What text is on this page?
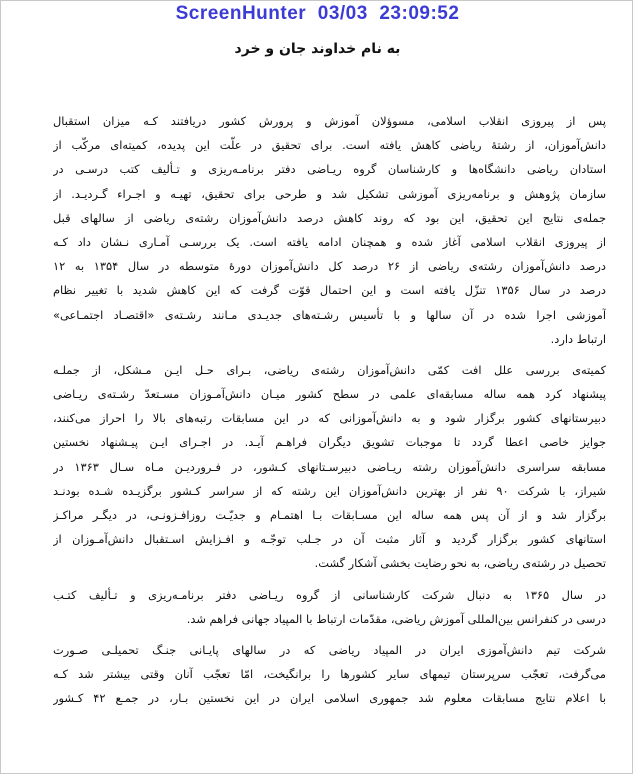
ScreenHunter 03/03 23:09:52
به نام خداوند جان و خرد
پس از پیروزی انقلاب اسلامی، مسوؤلان آموزش و پرورش کشور دریافتند کـه میزان استقبال
دانش‌آموزان، از رشتهٔ ریاضی کاهش یافته است. برای تحقیق در علّت این پدیده، کمیته‌ای مرکّب از
استادان ریاضی دانشگاه‌ها و کارشناسان گروه ریـاضی دفتر برنامـه‌ریزی و تـألیف کتب درسـی در
سازمان پژوهش و برنامه‌ریزی آموزشی تشکیل شد و طرحی برای تحقیق، تهیـه و اجـراء گـردیـد. از
جمله‌ی نتایج این تحقیق، این بود که روند کاهش درصد دانش‌آموزان رشته‌ی ریاضی از سالهای قبل
از پیروزی انقلاب اسلامی آغاز شده و همچنان ادامه یافته است. یک بررسـی آمـاری نـشان داد کـه
درصد دانش‌آموزان رشته‌ی ریاضی از ۲۶ درصد کل دانش‌آموزان دورهٔ متوسطه در سال ۱۳۵۴ به ۱۲
درصد در سال ۱۳۵۶ تنزّل یافته است و این احتمال قوّت گرفت که این کاهش شدید با تغییر نظام
آموزشی اجرا شده در آن سالها و با تأسیس رشـته‌های جدیـدی مـانند رشـته‌ی «اقتصـاد اجتمـاعی»
ارتباط دارد.
کمیته‌ی بررسی علل افت کمّی دانش‌آموزان رشته‌ی ریاضی، بـرای حـل ایـن مـشکل، از جملـه
پیشنهاد کرد همه ساله مسابقه‌ای علمی در سطح کشور میـان دانش‌آمـوزان مسـتعدّ رشـته‌ی ریـاضی
دبیرستانهای کشور برگزار شود و به دانش‌آموزانی که در این مسابقات رتبه‌های بالا را احراز می‌کنند،
جوایز خاصی اعطا گردد تا موجبات تشویق دیگران فراهـم آیـد. در اجـرای ایـن پیـشنهاد نخستین
مسابقه سراسری دانش‌آموزان رشته ریـاضی دبیرسـتانهای کـشور، در فـروردیـن مـاه سـال ۱۳۶۳ در
شیراز، با شرکت ۹۰ نفر از بهترین دانش‌آموزان این رشته که از سراسر کـشور برگزیـده شـده بودنـد
برگزار شد و از آن پس همه ساله این مسـابقات بـا اهتمـام و جدیّـت روزافـزونـی، در دیگـر مراکـز
استانهای کشور برگزار گردید و آثار مثبت آن در جـلب توجّـه و افـزایش اسـتقبال دانش‌آمـوزان از
تحصیل در رشته‌ی ریاضی، به نحو رضایت بخشی آشکار گشت.
در سال ۱۳۶۵ به دنبال شرکت کارشناسانی از گروه ریـاضی دفتر برنامـه‌ریزی و تـألیف کتـب
درسی در کنفرانس بین‌المللی آموزش ریاضی، مقدّمات ارتباط با المپیاد جهانی فراهم شد.
شرکت تیم دانش‌آموزی ایران در المپیاد ریاضی که در سالهای پایـانی جنـگ تحمیلـی صـورت
می‌گرفت، تعجّب سرپرستان تیمهای سایر کشورها را برانگیخت، امّا تعجّب آنان وقتی بیشتر شد کـه
با اعلام نتایج مسابقات معلوم شد جمهوری اسلامی ایران در این نخستین بـار، در جمـع ۴۲ کـشور
